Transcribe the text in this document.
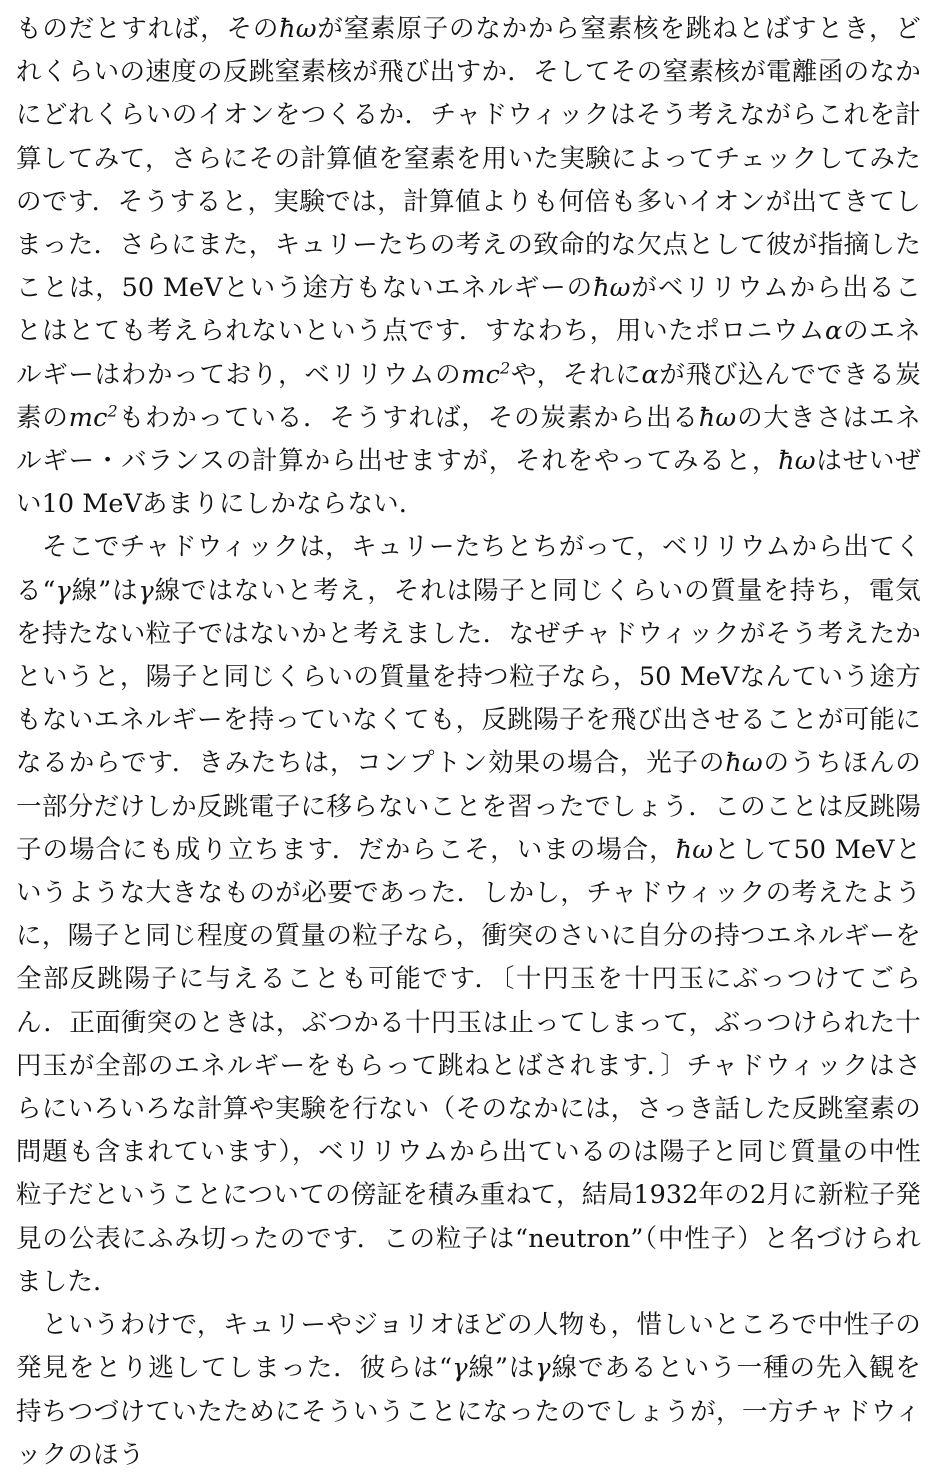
ものだとすれば，そのħωが窒素原子のなかから窒素核を跳ねとばすとき，どれくらいの速度の反跳窒素核が飛び出すか．そしてその窒素核が電離函のなかにどれくらいのイオンをつくるか．チャドウィックはそう考えながらこれを計算してみて，さらにその計算値を窒素を用いた実験によってチェックしてみたのです．そうすると，実験では，計算値よりも何倍も多いイオンが出てきてしまった．さらにまた，キュリーたちの考えの致命的な欠点として彼が指摘したことは，50 MeVという途方もないエネルギーのħωがベリリウムから出ることはとても考えられないという点です．すなわち，用いたポロニウムαのエネルギーはわかっており，ベリリウムの$mc^2$や，それにαが飛び込んでできる炭素の$mc^2$もわかっている．そうすれば，その炭素から出るħωの大きさはエネルギー・バランスの計算から出せますが，それをやってみると，ħωはせいぜい10 MeVあまりにしかならない．

そこでチャドウィックは，キュリーたちとちがって，ベリリウムから出てくる“γ線”はγ線ではないと考え，それは陽子と同じくらいの質量を持ち，電気を持たない粒子ではないかと考えました．なぜチャドウィックがそう考えたかというと，陽子と同じくらいの質量を持つ粒子なら，50 MeVなんていう途方もないエネルギーを持っていなくても，反跳陽子を飛び出させることが可能になるからです．きみたちは，コンプトン効果の場合，光子のħωのうちほんの一部分だけしか反跳電子に移らないことを習ったでしょう．このことは反跳陽子の場合にも成り立ちます．だからこそ，いまの場合，ħωとして50 MeVというような大きなものが必要であった．しかし，チャドウィックの考えたように，陽子と同じ程度の質量の粒子なら，衝突のさいに自分の持つエネルギーを全部反跳陽子に与えることも可能です．〔十円玉を十円玉にぶっつけてごらん．正面衝突のときは，ぶつかる十円玉は止ってしまって，ぶっつけられた十円玉が全部のエネルギーをもらって跳ねとばされます．〕チャドウィックはさらにいろいろな計算や実験を行ない（そのなかには，さっき話した反跳窒素の問題も含まれています），ベリリウムから出ているのは陽子と同じ質量の中性粒子だということについての傍証を積み重ねて，結局1932年の2月に新粒子発見の公表にふみ切ったのです．この粒子は“neutron”（中性子）と名づけられました．

というわけで，キュリーやジョリオほどの人物も，惜しいところで中性子の発見をとり逃してしまった．彼らは“γ線”はγ線であるという一種の先入観を持ちつづけていたためにそういうことになったのでしょうが，一方チャドウィックのほう
